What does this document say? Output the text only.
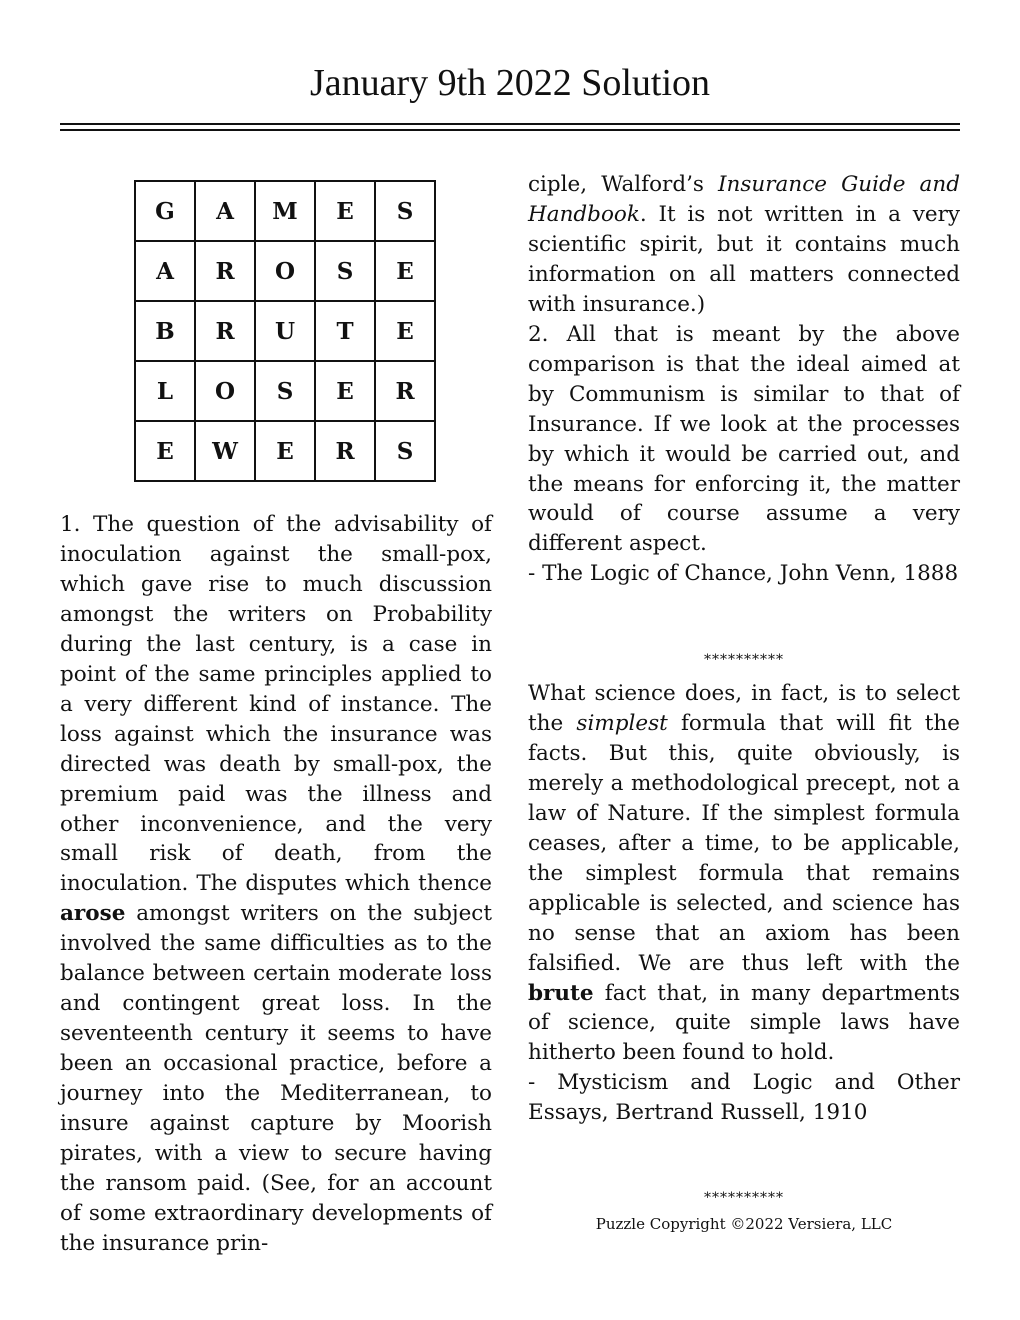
January 9th 2022 Solution
G	A	M	E	S
A	R	O	S	E
B	R	U	T	E
L	O	S	E	R
E	W	E	R	S

1. The question of the advisability of inoculation against the small-pox, which gave rise to much discussion amongst the writers on Probability during the last century, is a case in point of the same principles applied to a very different kind of instance. The loss against which the insurance was directed was death by small-pox, the premium paid was the illness and other inconvenience, and the very small risk of death, from the inoculation. The disputes which thence arose amongst writers on the subject involved the same difficulties as to the balance between certain moderate loss and contingent great loss. In the seventeenth century it seems to have been an occasional practice, before a journey into the Mediterranean, to insure against capture by Moorish pirates, with a view to secure having the ransom paid. (See, for an account of some extraordinary developments of the insurance prin-

ciple, Walford’s Insurance Guide and Handbook. It is not written in a very scientific spirit, but it contains much information on all matters connected with insurance.)

2. All that is meant by the above comparison is that the ideal aimed at by Communism is similar to that of Insurance. If we look at the processes by which it would be carried out, and the means for enforcing it, the matter would of course assume a very different aspect.

- The Logic of Chance, John Venn, 1888

**********

What science does, in fact, is to select the simplest formula that will fit the facts. But this, quite obviously, is merely a methodological precept, not a law of Nature. If the simplest formula ceases, after a time, to be applicable, the simplest formula that remains applicable is selected, and science has no sense that an axiom has been falsified. We are thus left with the brute fact that, in many departments of science, quite simple laws have hitherto been found to hold.

- Mysticism and Logic and Other Essays, Bertrand Russell, 1910

**********

Puzzle Copyright ©2022 Versiera, LLC
